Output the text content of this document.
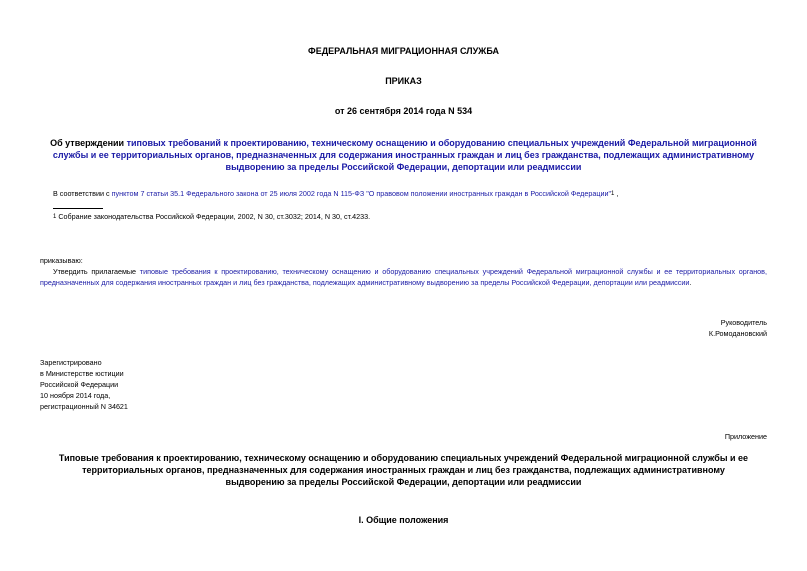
ФЕДЕРАЛЬНАЯ МИГРАЦИОННАЯ СЛУЖБА
ПРИКАЗ
от 26 сентября 2014 года N 534
Об утверждении типовых требований к проектированию, техническому оснащению и оборудованию специальных учреждений Федеральной миграционной службы и ее территориальных органов, предназначенных для содержания иностранных граждан и лиц без гражданства, подлежащих административному выдворению за пределы Российской Федерации, депортации или реадмиссии
В соответствии с пунктом 7 статьи 35.1 Федерального закона от 25 июля 2002 года N 115-ФЗ "О правовом положении иностранных граждан в Российской Федерации"$^1$ ,
$^1$ Собрание законодательства Российской Федерации, 2002, N 30, ст.3032; 2014, N 30, ст.4233.
приказываю:
Утвердить прилагаемые типовые требования к проектированию, техническому оснащению и оборудованию специальных учреждений Федеральной миграционной службы и ее территориальных органов, предназначенных для содержания иностранных граждан и лиц без гражданства, подлежащих административному выдворению за пределы Российской Федерации, депортации или реадмиссии.
Руководитель
К.Ромодановский
Зарегистрировано
в Министерстве юстиции
Российской Федерации
10 ноября 2014 года,
регистрационный N 34621
Приложение
Типовые требования к проектированию, техническому оснащению и оборудованию специальных учреждений Федеральной миграционной службы и ее территориальных органов, предназначенных для содержания иностранных граждан и лиц без гражданства, подлежащих административному выдворению за пределы Российской Федерации, депортации или реадмиссии
I. Общие положения
